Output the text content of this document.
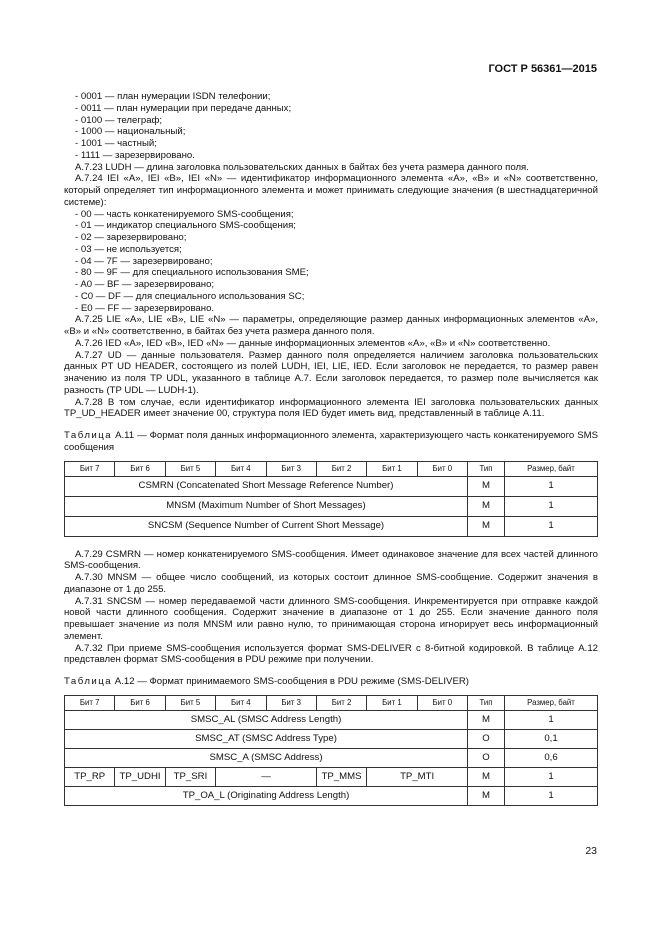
ГОСТ Р 56361—2015

- 0001 — план нумерации ISDN телефонии;

- 0011 — план нумерации при передаче данных;

- 0100 — телеграф;

- 1000 — национальный;

- 1001 — частный;

- 1111 — зарезервировано.

А.7.23 LUDH — длина заголовка пользовательских данных в байтах без учета размера данного поля.

А.7.24 IEI «A», IEI «B», IEI «N» — идентификатор информационного элемента «А», «В» и «N» соответственно, который определяет тип информационного элемента и может принимать следующие значения (в шестнадцатеричной системе):

- 00 — часть конкатенируемого SMS-сообщения;

- 01 — индикатор специального SMS-сообщения;

- 02 — зарезервировано;

- 03 — не используется;

- 04 — 7F — зарезервировано;

- 80 — 9F — для специального использования SME;

- A0 — BF — зарезервировано;

- C0 — DF — для специального использования SC;

- E0 — FF — зарезервировано.

А.7.25 LIE «A», LIE «B», LIE «N» — параметры, определяющие размер данных информационных элементов «А», «В» и «N» соответственно, в байтах без учета размера данного поля.

А.7.26 IED «A», IED «B», IED «N» — данные информационных элементов «А», «В» и «N» соответственно.

А.7.27 UD — данные пользователя. Размер данного поля определяется наличием заголовка пользовательских данных PT UD HEADER, состоящего из полей LUDH, IEI, LIE, IED. Если заголовок не передается, то размер равен значению из поля TP UDL, указанного в таблице А.7. Если заголовок передается, то размер поле вычисляется как разность (TP UDL — LUDH-1).

А.7.28 В том случае, если идентификатор информационного элемента IEI заголовка пользовательских данных TP_UD_HEADER имеет значение 00, структура поля IED будет иметь вид, представленный в таблице А.11.

Таблица А.11 — Формат поля данных информационного элемента, характеризующего часть конкатенируемого SMS сообщения

Бит 7	Бит 6	Бит 5	Бит 4	Бит 3	Бит 2	Бит 1	Бит 0	Тип	Размер, байт
CSMRN (Concatenated Short Message Reference Number)								M	1
MNSM (Maximum Number of Short Messages)								M	1
SNCSM (Sequence Number of Current Short Message)								M	1

А.7.29 CSMRN — номер конкатенируемого SMS-сообщения. Имеет одинаковое значение для всех частей длинного SMS-сообщения.

А.7.30 MNSM — общее число сообщений, из которых состоит длинное SMS-сообщение. Содержит значения в диапазоне от 1 до 255.

А.7.31 SNCSM — номер передаваемой части длинного SMS-сообщения. Инкрементируется при отправке каждой новой части длинного сообщения. Содержит значение в диапазоне от 1 до 255. Если значение данного поля превышает значение из поля MNSM или равно нулю, то принимающая сторона игнорирует весь информационный элемент.

А.7.32 При приеме SMS-сообщения используется формат SMS-DELIVER с 8-битной кодировкой. В таблице А.12 представлен формат SMS-сообщения в PDU режиме при получении.

Таблица А.12 — Формат принимаемого SMS-сообщения в PDU режиме (SMS-DELIVER)

Бит 7	Бит 6	Бит 5	Бит 4	Бит 3	Бит 2	Бит 1	Бит 0	Тип	Размер, байт
SMSC_AL (SMSC Address Length)								M	1
SMSC_AT (SMSC Address Type)								O	0,1
SMSC_A (SMSC Address)								O	0,6
TP_RP	TP_UDHI	TP_SRI	—		TP_MMS	TP_MTI		M	1
TP_OA_L (Originating Address Length)								M	1
23
